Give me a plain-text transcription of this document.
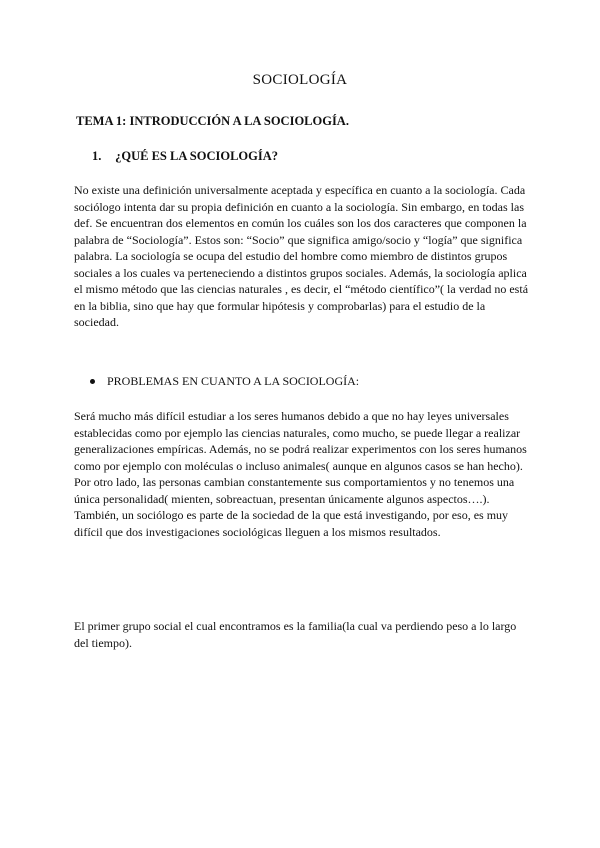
SOCIOLOGÍA
TEMA 1: INTRODUCCIÓN A LA SOCIOLOGÍA.
1. ¿QUÉ ES LA SOCIOLOGÍA?

No existe una definición universalmente aceptada y específica en cuanto a la sociología. Cada sociólogo intenta dar su propia definición en cuanto a la sociología. Sin embargo, en todas las def. Se encuentran dos elementos en común los cuáles son los dos caracteres que componen la palabra de “Sociología”. Estos son: “Socio” que significa amigo/socio y “logía” que significa palabra. La sociología se ocupa del estudio del hombre como miembro de distintos grupos sociales a los cuales va perteneciendo a distintos grupos sociales. Además, la sociología aplica el mismo método que las ciencias naturales , es decir, el “método científico”( la verdad no está en la biblia, sino que hay que formular hipótesis y comprobarlas) para el estudio de la sociedad.

PROBLEMAS EN CUANTO A LA SOCIOLOGÍA:

Será mucho más difícil estudiar a los seres humanos debido a que no hay leyes universales establecidas como por ejemplo las ciencias naturales, como mucho, se puede llegar a realizar generalizaciones empíricas. Además, no se podrá realizar experimentos con los seres humanos como por ejemplo con moléculas o incluso animales( aunque en algunos casos se han hecho). Por otro lado, las personas cambian constantemente sus comportamientos y no tenemos una única personalidad( mienten, sobreactuan, presentan únicamente algunos aspectos….). También, un sociólogo es parte de la sociedad de la que está investigando, por eso, es muy difícil que dos investigaciones sociológicas lleguen a los mismos resultados.

El primer grupo social el cual encontramos es la familia(la cual va perdiendo peso a lo largo del tiempo).
